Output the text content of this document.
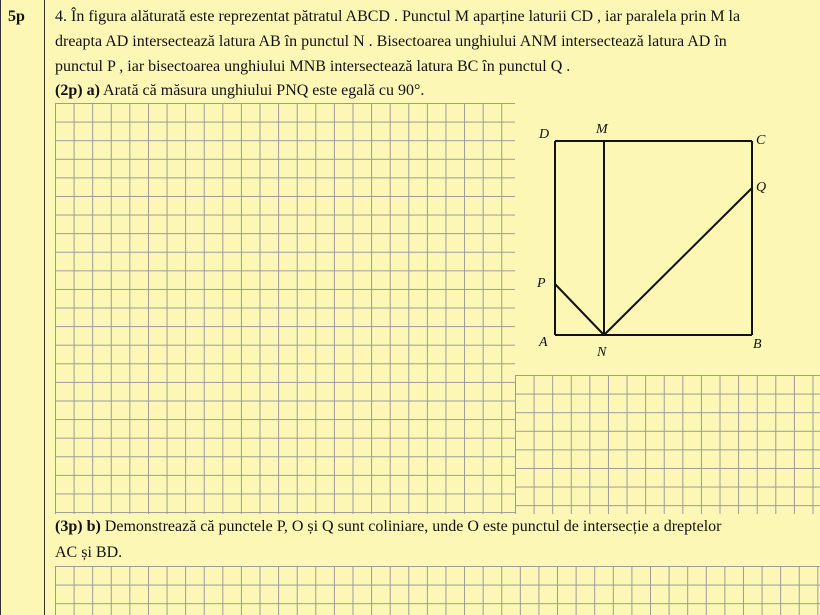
5p 4. În figura alăturată este reprezentat pătratul ABCD . Punctul M aparține laturii CD , iar paralela prin M la
dreapta AD intersectează latura AB în punctul N . Bisectoarea unghiului ANM intersectează latura AD în
punctul P , iar bisectoarea unghiului MNB intersectează latura BC în punctul Q .
(2p) a) Arată că măsura unghiului PNQ este egală cu 90°.
D	M
C
Q
P
A
N
B
(3p) b) Demonstrează că punctele P, O și Q sunt coliniare, unde O este punctul de intersecție a dreptelor
AC și BD.
